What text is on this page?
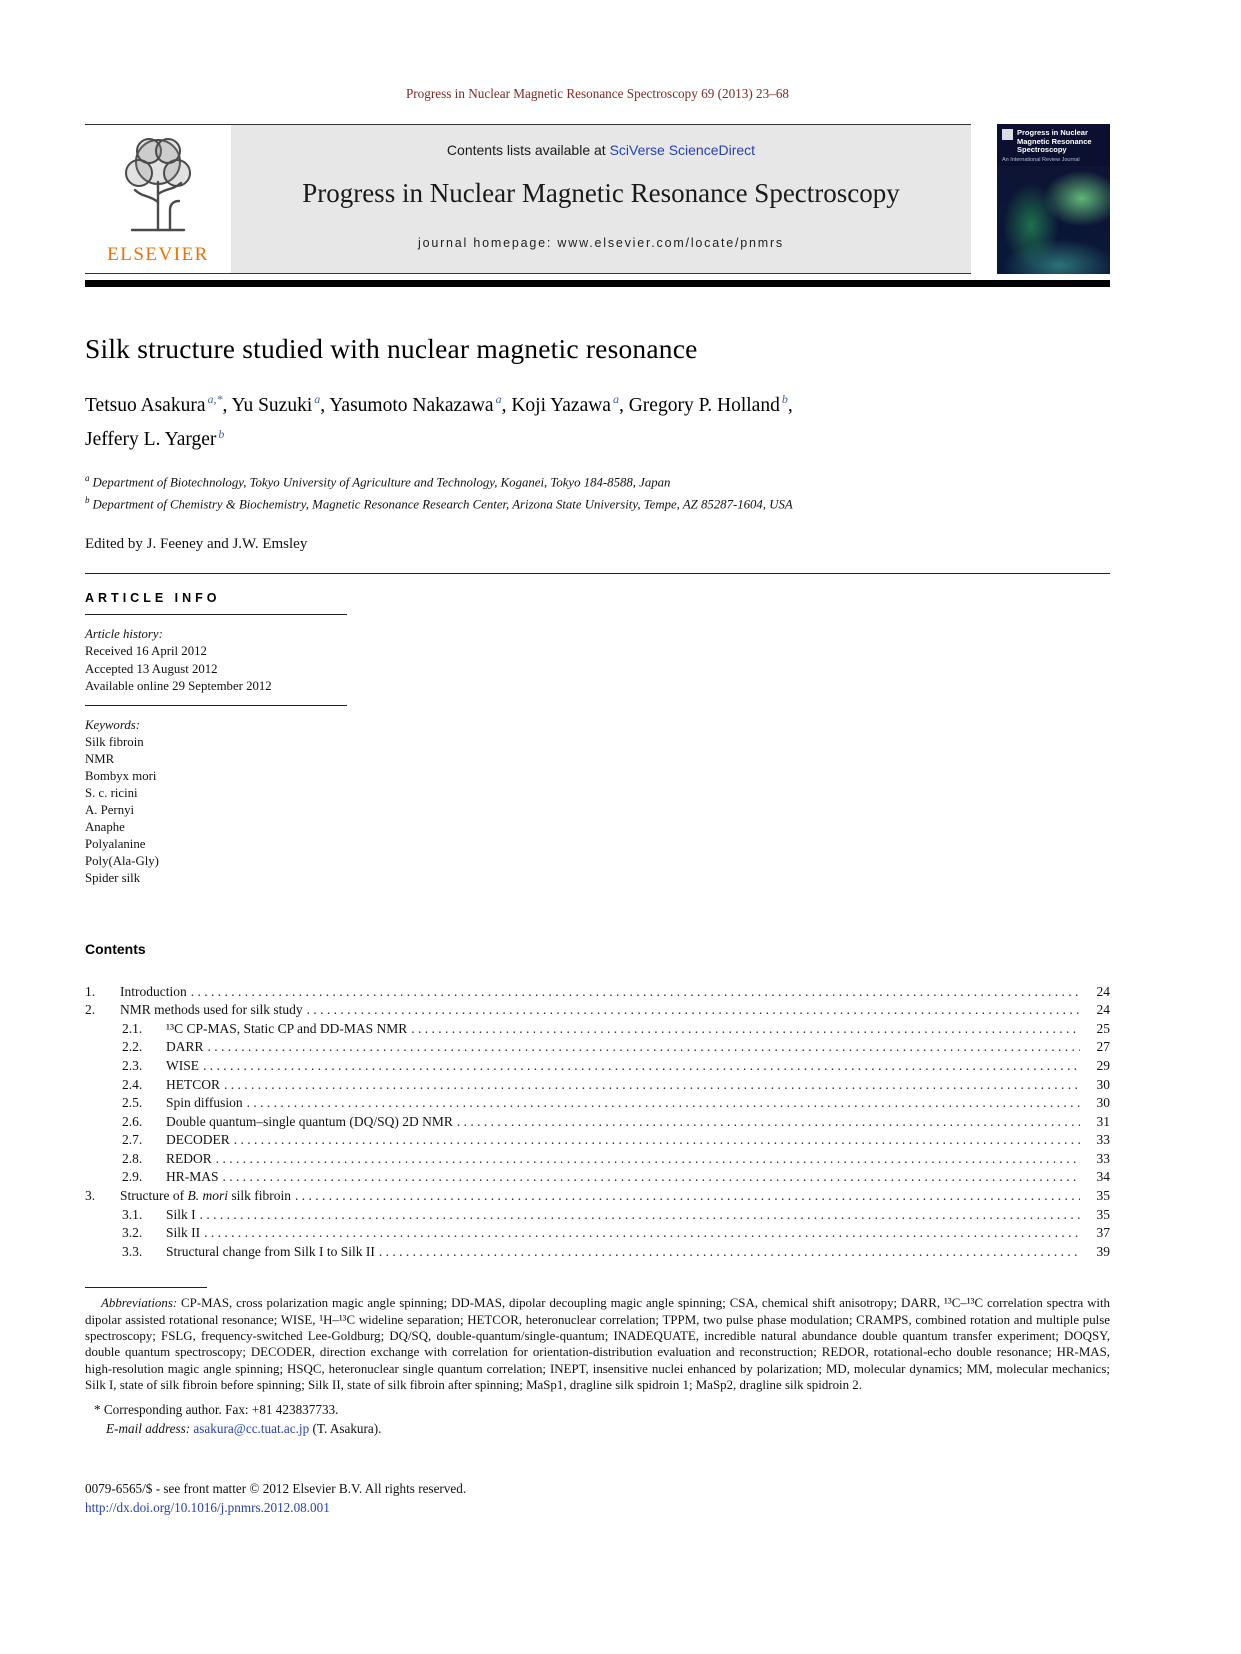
Progress in Nuclear Magnetic Resonance Spectroscopy 69 (2013) 23–68
ELSEVIER
Contents lists available at SciVerse ScienceDirect
Progress in Nuclear Magnetic Resonance Spectroscopy
journal homepage: www.elsevier.com/locate/pnmrs
Progress in Nuclear Magnetic Resonance Spectroscopy
An International Review Journal
Silk structure studied with nuclear magnetic resonance
Tetsuo Asakura $^{a,*}$, Yu Suzuki $^a$, Yasumoto Nakazawa $^a$, Koji Yazawa $^a$, Gregory P. Holland $^b$,
Jeffery L. Yarger $^b$
$^a$ Department of Biotechnology, Tokyo University of Agriculture and Technology, Koganei, Tokyo 184-8588, Japan
$^b$ Department of Chemistry & Biochemistry, Magnetic Resonance Research Center, Arizona State University, Tempe, AZ 85287-1604, USA
Edited by J. Feeney and J.W. Emsley
ARTICLE INFO
Article history:
Received 16 April 2012
Accepted 13 August 2012
Available online 29 September 2012
Keywords:
Silk fibroin
NMR
Bombyx mori
S. c. ricini
A. Pernyi
Anaphe
Polyalanine
Poly(Ala-Gly)
Spider silk
Contents
1.	Introduction . . .	24
2.	NMR methods used for silk study . . .	24
2.1.	¹³C CP-MAS, Static CP and DD-MAS NMR . . .	25
2.2.	DARR . . .	27
2.3.	WISE . . .	29
2.4.	HETCOR . . .	30
2.5.	Spin diffusion . . .	30
2.6.	Double quantum–single quantum (DQ/SQ) 2D NMR . . .	31
2.7.	DECODER . . .	33
2.8.	REDOR . . .	33
2.9.	HR-MAS . . .	34
3.	Structure of B. mori silk fibroin . . .	35
3.1.	Silk I . . .	35
3.2.	Silk II . . .	37
3.3.	Structural change from Silk I to Silk II . . .	39

Abbreviations: CP-MAS, cross polarization magic angle spinning; DD-MAS, dipolar decoupling magic angle spinning; CSA, chemical shift anisotropy; DARR, ¹³C–¹³C correlation spectra with dipolar assisted rotational resonance; WISE, ¹H–¹³C wideline separation; HETCOR, heteronuclear correlation; TPPM, two pulse phase modulation; CRAMPS, combined rotation and multiple pulse spectroscopy; FSLG, frequency-switched Lee-Goldburg; DQ/SQ, double-quantum/single-quantum; INADEQUATE, incredible natural abundance double quantum transfer experiment; DOQSY, double quantum spectroscopy; DECODER, direction exchange with correlation for orientation-distribution evaluation and reconstruction; REDOR, rotational-echo double resonance; HR-MAS, high-resolution magic angle spinning; HSQC, heteronuclear single quantum correlation; INEPT, insensitive nuclei enhanced by polarization; MD, molecular dynamics; MM, molecular mechanics; Silk I, state of silk fibroin before spinning; Silk II, state of silk fibroin after spinning; MaSp1, dragline silk spidroin 1; MaSp2, dragline silk spidroin 2.

* Corresponding author. Fax: +81 423837733.

E-mail address: asakura@cc.tuat.ac.jp (T. Asakura).

0079-6565/$ - see front matter © 2012 Elsevier B.V. All rights reserved.
http://dx.doi.org/10.1016/j.pnmrs.2012.08.001
